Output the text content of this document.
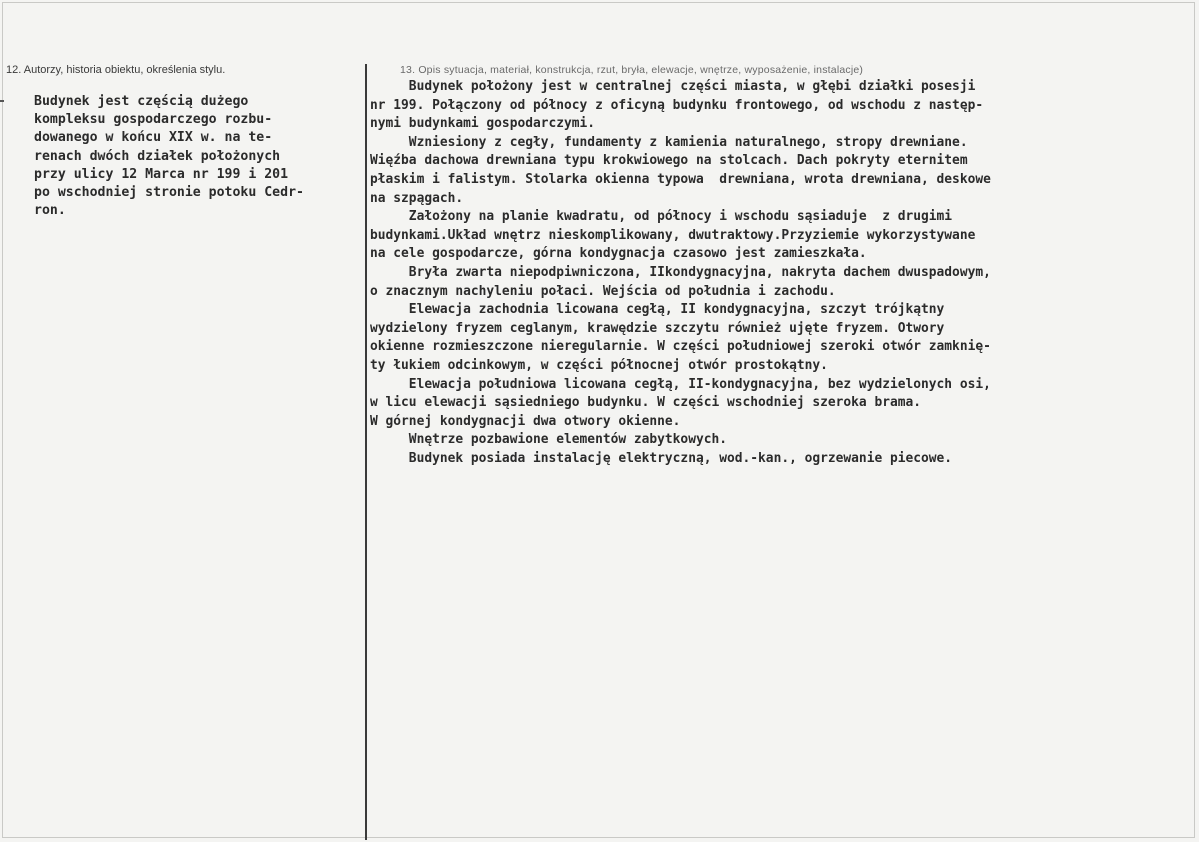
12. Autorzy, historia obiektu, określenia stylu.	13. Opis sytuacja, materiał, konstrukcja, rzut, bryła, elewacje, wnętrze, wyposażenie, instalacje)
Budynek jest częścią dużego
kompleksu gospodarczego rozbu-
dowanego w końcu XIX w. na te-
renach dwóch działek położonych
przy ulicy 12 Marca nr 199 i 201
po wschodniej stronie potoku Cedr-
ron.
Budynek położony jest w centralnej części miasta, w głębi działki posesji
nr 199. Połączony od północy z oficyną budynku frontowego, od wschodu z następ-
nymi budynkami gospodarczymi.
Wzniesiony z cegły, fundamenty z kamienia naturalnego, stropy drewniane.
Więźba dachowa drewniana typu krokwiowego na stolcach. Dach pokryty eternitem
płaskim i falistym. Stolarka okienna typowa  drewniana, wrota drewniana, deskowe
na szpągach.
Założony na planie kwadratu, od północy i wschodu sąsiaduje  z drugimi
budynkami.Układ wnętrz nieskomplikowany, dwutraktowy.Przyziemie wykorzystywane
na cele gospodarcze, górna kondygnacja czasowo jest zamieszkała.
Bryła zwarta niepodpiwniczona, IIkondygnacyjna, nakryta dachem dwuspadowym,
o znacznym nachyleniu połaci. Wejścia od południa i zachodu.
Elewacja zachodnia licowana cegłą, II kondygnacyjna, szczyt trójkątny
wydzielony fryzem ceglanym, krawędzie szczytu również ujęte fryzem. Otwory
okienne rozmieszczone nieregularnie. W części południowej szeroki otwór zamknię-
ty łukiem odcinkowym, w części północnej otwór prostokątny.
Elewacja południowa licowana cegłą, II-kondygnacyjna, bez wydzielonych osi,
w licu elewacji sąsiedniego budynku. W części wschodniej szeroka brama.
W górnej kondygnacji dwa otwory okienne.
Wnętrze pozbawione elementów zabytkowych.
Budynek posiada instalację elektryczną, wod.-kan., ogrzewanie piecowe.
